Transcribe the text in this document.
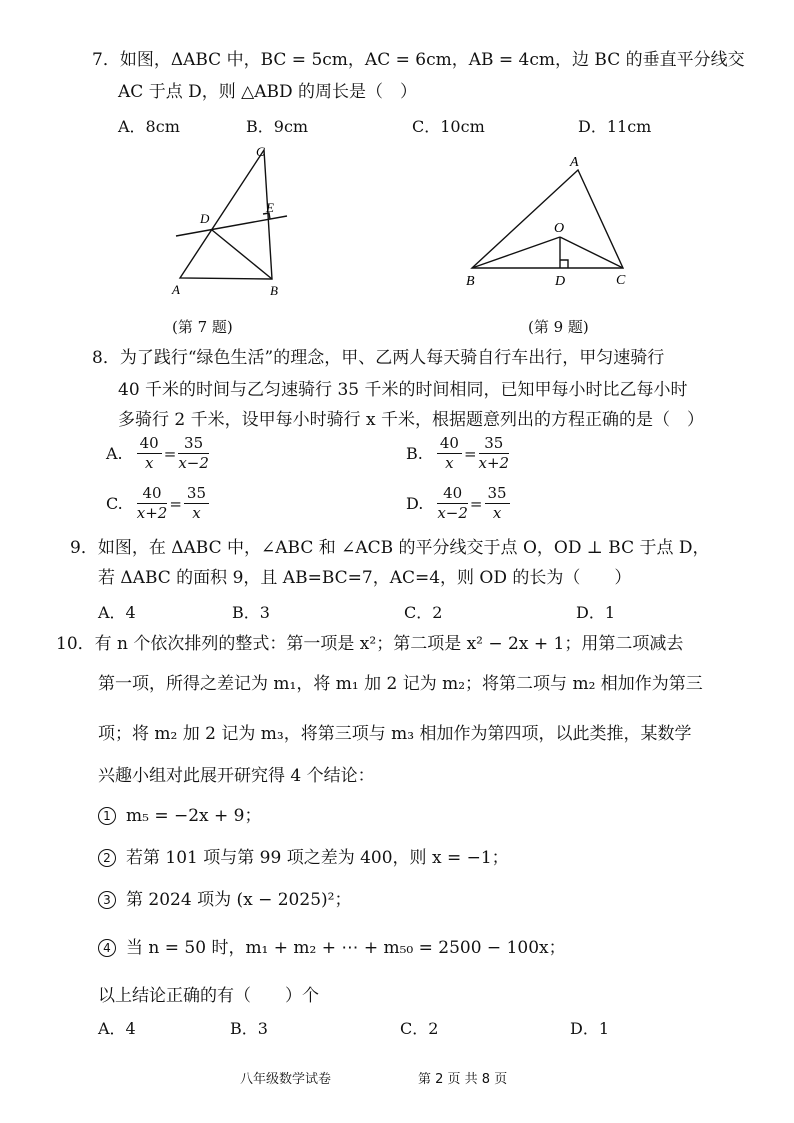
7．如图，ΔABC 中，BC = 5cm，AC = 6cm，AB = 4cm，边 BC 的垂直平分线交
AC 于点 D，则 △ABD 的周长是（　）
A．8cm	B．9cm	C．10cm	D．11cm
C
D
E
A	B
(第 7 题)
A
O
B	D	C
(第 9 题)
8．为了践行“绿色生活”的理念，甲、乙两人每天骑自行车出行，甲匀速骑行
40 千米的时间与乙匀速骑行 35 千米的时间相同，已知甲每小时比乙每小时
多骑行 2 千米，设甲每小时骑行 x 千米，根据题意列出的方程正确的是（　）
A. $\frac{40}{x} = \frac{35}{x-2}$	B. $\frac{40}{x} = \frac{35}{x+2}$
C. $\frac{40}{x+2} = \frac{35}{x}$	D. $\frac{40}{x-2} = \frac{35}{x}$
9．如图，在 ΔABC 中，∠ABC 和 ∠ACB 的平分线交于点 O，OD ⊥ BC 于点 D，
若 ΔABC 的面积 9，且 AB=BC=7，AC=4，则 OD 的长为（　　）
A．4	B．3	C．2	D．1
10．有 n 个依次排列的整式：第一项是 x²；第二项是 x² − 2x + 1；用第二项减去
第一项，所得之差记为 m₁，将 m₁ 加 2 记为 m₂；将第二项与 m₂ 相加作为第三
项；将 m₂ 加 2 记为 m₃，将第三项与 m₃ 相加作为第四项，以此类推，某数学
兴趣小组对此展开研究得 4 个结论：
1 m₅ = −2x + 9；
2 若第 101 项与第 99 项之差为 400，则 x = −1；
3 第 2024 项为 (x − 2025)²；
4 当 n = 50 时，m₁ + m₂ + ⋯ + m₅₀ = 2500 − 100x；
以上结论正确的有（　　）个
A．4	B．3	C．2	D．1
八年级数学试卷	第 2 页 共 8 页
